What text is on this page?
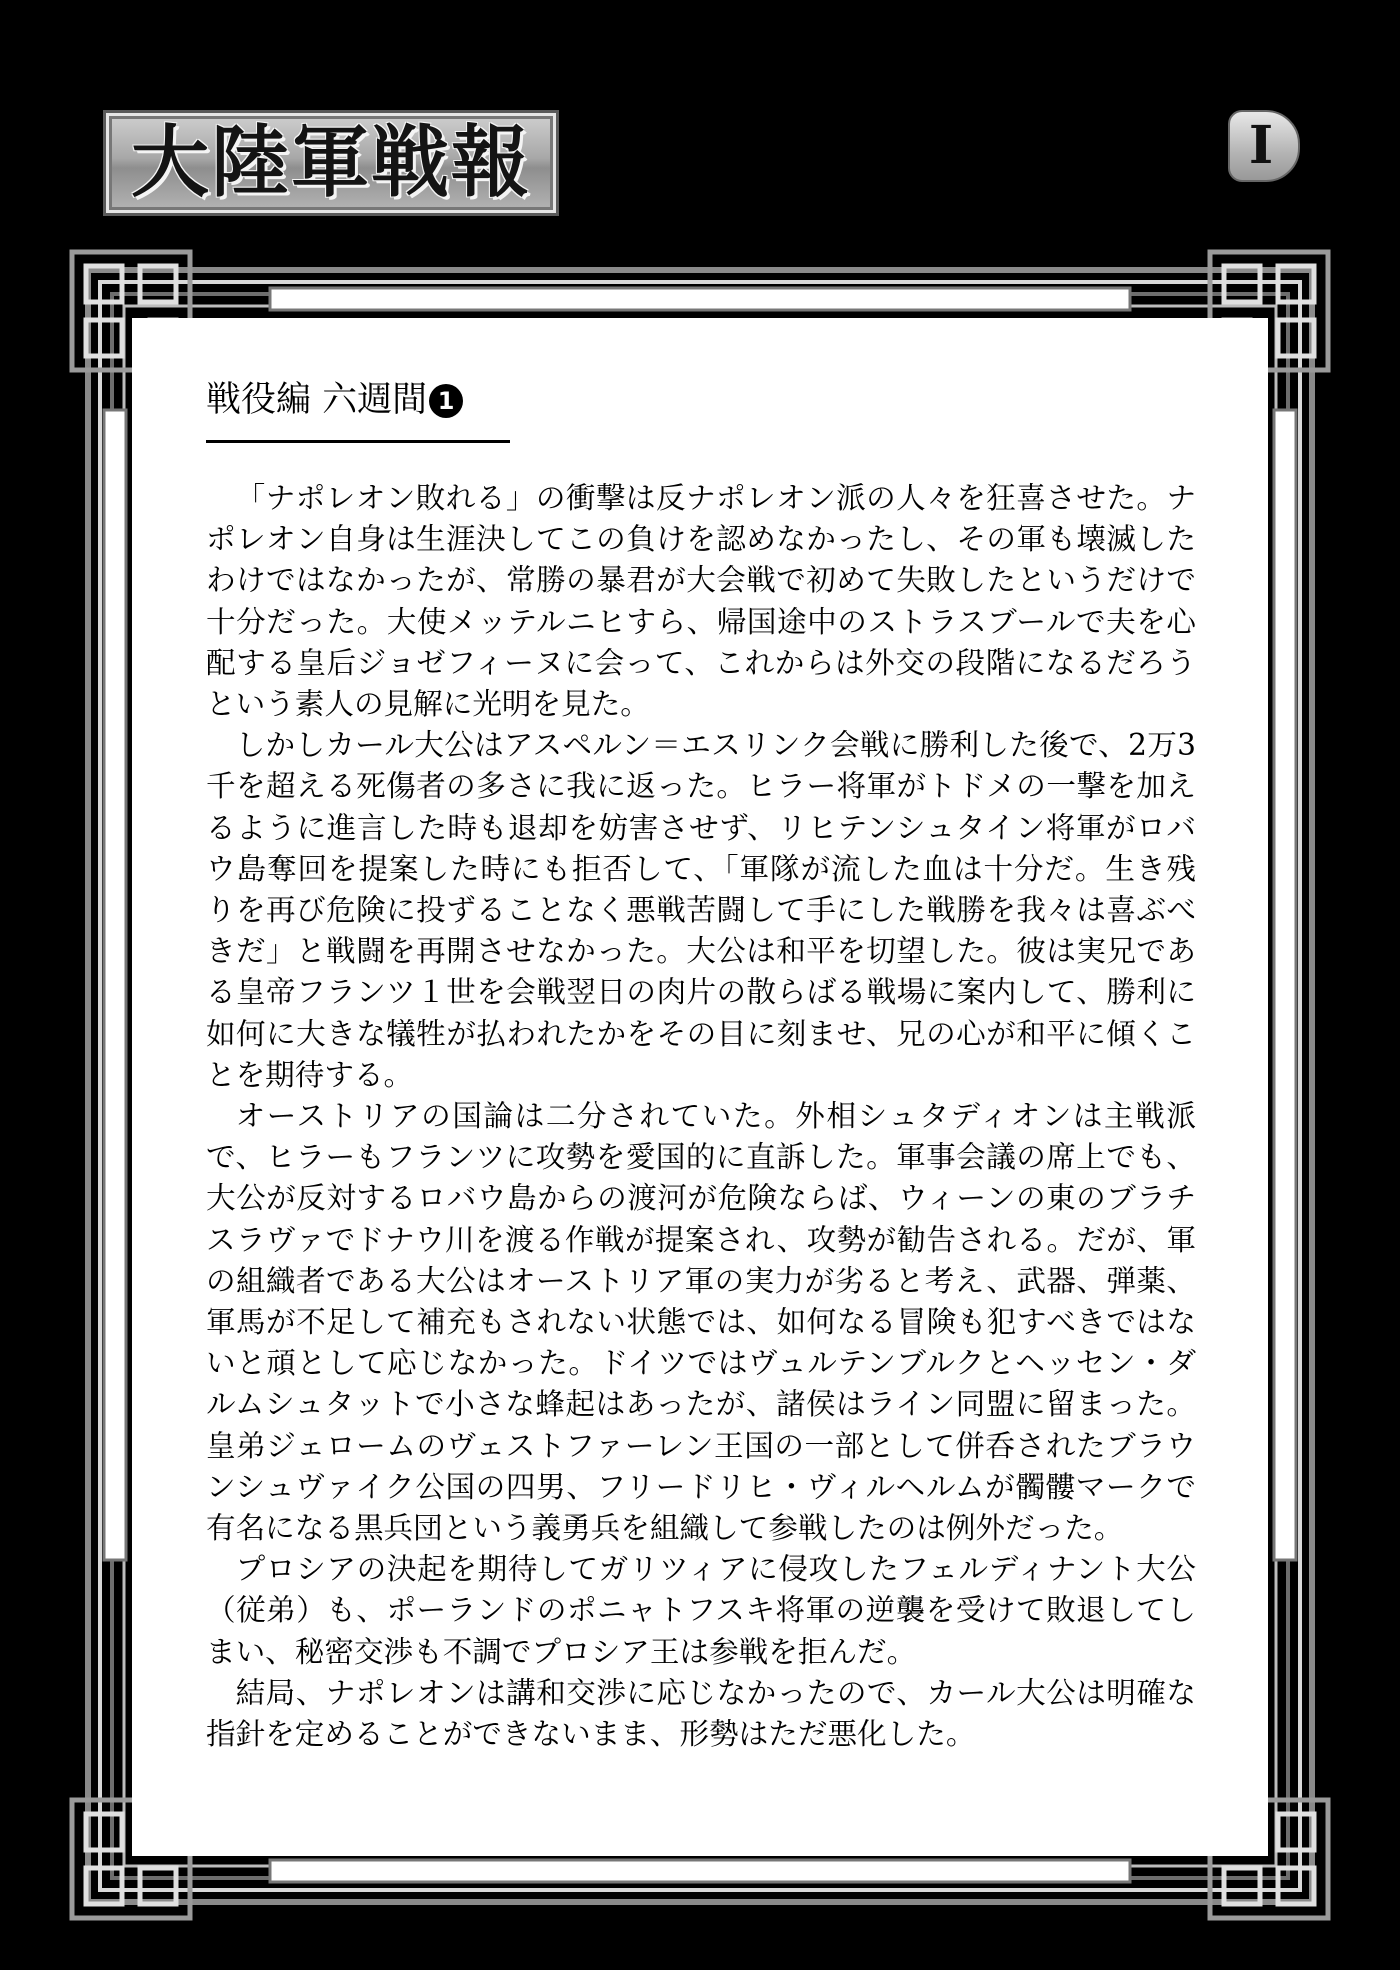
大陸軍戦報	I
戦役編 六週間 1

「ナポレオン敗れる」の衝撃は反ナポレオン派の人々を狂喜させた。ナポレオン自身は生涯決してこの負けを認めなかったし、その軍も壊滅したわけではなかったが、常勝の暴君が大会戦で初めて失敗したというだけで十分だった。大使メッテルニヒすら、帰国途中のストラスブールで夫を心配する皇后ジョゼフィーヌに会って、これからは外交の段階になるだろうという素人の見解に光明を見た。

しかしカール大公はアスペルン＝エスリンク会戦に勝利した後で、2万3千を超える死傷者の多さに我に返った。ヒラー将軍がトドメの一撃を加えるように進言した時も退却を妨害させず、リヒテンシュタイン将軍がロバウ島奪回を提案した時にも拒否して、「軍隊が流した血は十分だ。生き残りを再び危険に投ずることなく悪戦苦闘して手にした戦勝を我々は喜ぶべきだ」と戦闘を再開させなかった。大公は和平を切望した。彼は実兄である皇帝フランツ１世を会戦翌日の肉片の散らばる戦場に案内して、勝利に如何に大きな犠牲が払われたかをその目に刻ませ、兄の心が和平に傾くことを期待する。

オーストリアの国論は二分されていた。外相シュタディオンは主戦派で、ヒラーもフランツに攻勢を愛国的に直訴した。軍事会議の席上でも、大公が反対するロバウ島からの渡河が危険ならば、ウィーンの東のブラチスラヴァでドナウ川を渡る作戦が提案され、攻勢が勧告される。だが、軍の組織者である大公はオーストリア軍の実力が劣ると考え、武器、弾薬、軍馬が不足して補充もされない状態では、如何なる冒険も犯すべきではないと頑として応じなかった。ドイツではヴュルテンブルクとヘッセン・ダルムシュタットで小さな蜂起はあったが、諸侯はライン同盟に留まった。皇弟ジェロームのヴェストファーレン王国の一部として併呑されたブラウンシュヴァイク公国の四男、フリードリヒ・ヴィルヘルムが髑髏マークで有名になる黒兵団という義勇兵を組織して参戦したのは例外だった。

プロシアの決起を期待してガリツィアに侵攻したフェルディナント大公（従弟）も、ポーランドのポニャトフスキ将軍の逆襲を受けて敗退してしまい、秘密交渉も不調でプロシア王は参戦を拒んだ。

結局、ナポレオンは講和交渉に応じなかったので、カール大公は明確な指針を定めることができないまま、形勢はただ悪化した。
